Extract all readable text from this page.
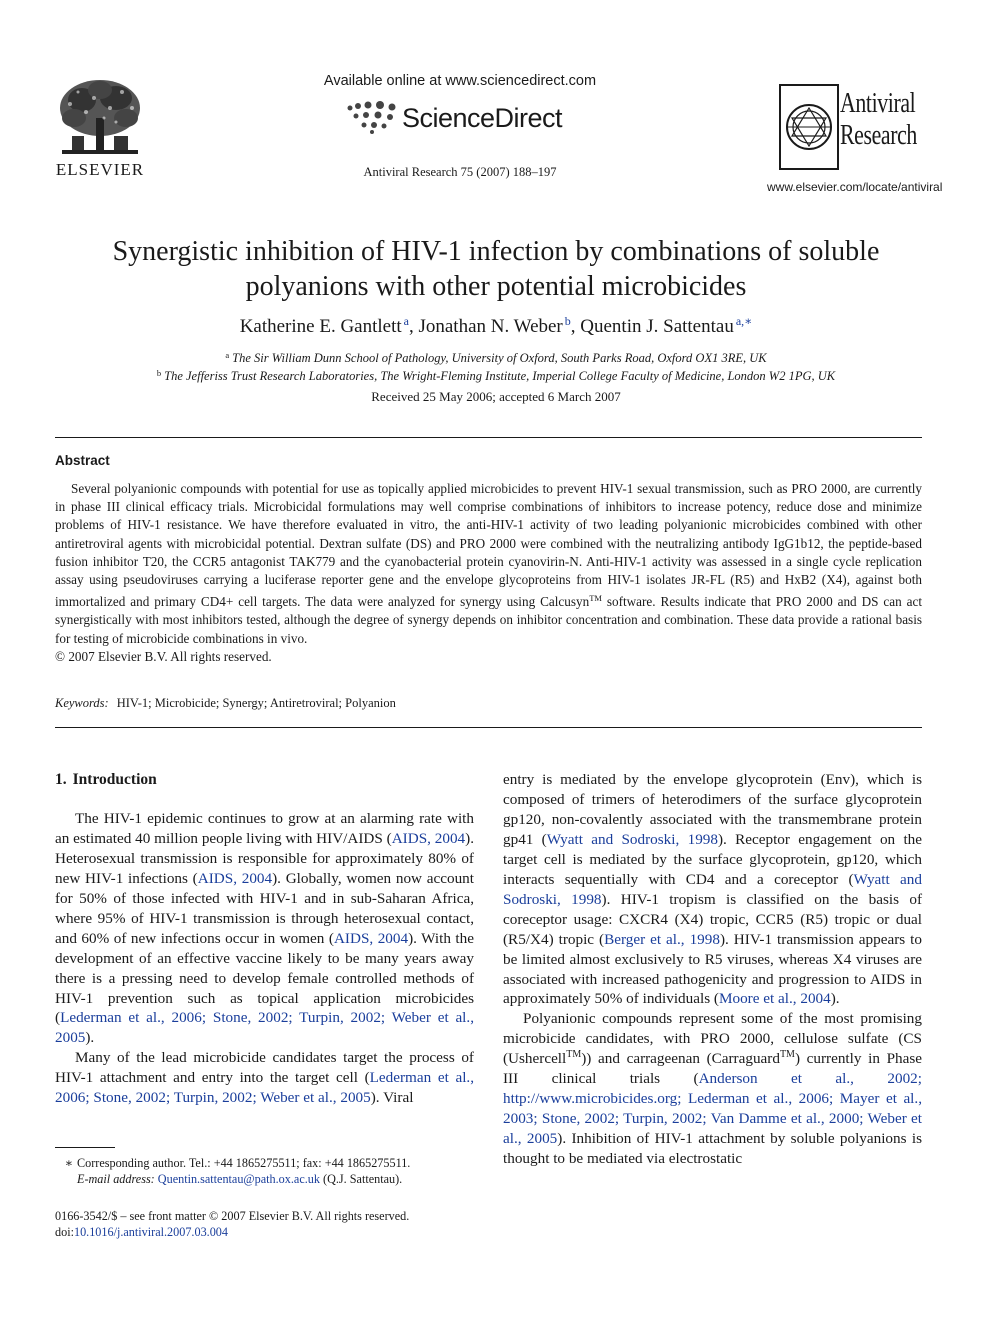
ELSEVIER
Available online at www.sciencedirect.com
ScienceDirect
Antiviral Research 75 (2007) 188–197
Antiviral
Research
www.elsevier.com/locate/antiviral
Synergistic inhibition of HIV-1 infection by combinations of soluble
polyanions with other potential microbicides
Katherine E. Gantlett $^a$, Jonathan N. Weber $^b$, Quentin J. Sattentau $^{a,∗}$
$^a$ The Sir William Dunn School of Pathology, University of Oxford, South Parks Road, Oxford OX1 3RE, UK
$^b$ The Jefferiss Trust Research Laboratories, The Wright-Fleming Institute, Imperial College Faculty of Medicine, London W2 1PG, UK
Received 25 May 2006; accepted 6 March 2007
Abstract

Several polyanionic compounds with potential for use as topically applied microbicides to prevent HIV-1 sexual transmission, such as PRO 2000, are currently in phase III clinical efficacy trials. Microbicidal formulations may well comprise combinations of inhibitors to increase potency, reduce dose and minimize problems of HIV-1 resistance. We have therefore evaluated in vitro, the anti-HIV-1 activity of two leading polyanionic microbicides combined with other antiretroviral agents with microbicidal potential. Dextran sulfate (DS) and PRO 2000 were combined with the neutralizing antibody IgG1b12, the peptide-based fusion inhibitor T20, the CCR5 antagonist TAK779 and the cyanobacterial protein cyanovirin-N. Anti-HIV-1 activity was assessed in a single cycle replication assay using pseudoviruses carrying a luciferase reporter gene and the envelope glycoproteins from HIV-1 isolates JR-FL (R5) and HxB2 (X4), against both immortalized and primary CD4+ cell targets. The data were analyzed for synergy using Calcusyn™ software. Results indicate that PRO 2000 and DS can act synergistically with most inhibitors tested, although the degree of synergy depends on inhibitor concentration and combination. These data provide a rational basis for testing of microbicide combinations in vivo.

© 2007 Elsevier B.V. All rights reserved.

Keywords: HIV-1; Microbicide; Synergy; Antiretroviral; Polyanion
1. Introduction

The HIV-1 epidemic continues to grow at an alarming rate with an estimated 40 million people living with HIV/AIDS (AIDS, 2004). Heterosexual transmission is responsible for approximately 80% of new HIV-1 infections (AIDS, 2004). Globally, women now account for 50% of those infected with HIV-1 and in sub-Saharan Africa, where 95% of HIV-1 transmission is through heterosexual contact, and 60% of new infections occur in women (AIDS, 2004). With the development of an effective vaccine likely to be many years away there is a pressing need to develop female controlled methods of HIV-1 prevention such as topical application microbicides (Lederman et al., 2006; Stone, 2002; Turpin, 2002; Weber et al., 2005).

Many of the lead microbicide candidates target the process of HIV-1 attachment and entry into the target cell (Lederman et al., 2006; Stone, 2002; Turpin, 2002; Weber et al., 2005). Viral

entry is mediated by the envelope glycoprotein (Env), which is composed of trimers of heterodimers of the surface glycoprotein gp120, non-covalently associated with the transmembrane protein gp41 (Wyatt and Sodroski, 1998). Receptor engagement on the target cell is mediated by the surface glycoprotein, gp120, which interacts sequentially with CD4 and a coreceptor (Wyatt and Sodroski, 1998). HIV-1 tropism is classified on the basis of coreceptor usage: CXCR4 (X4) tropic, CCR5 (R5) tropic or dual (R5/X4) tropic (Berger et al., 1998). HIV-1 transmission appears to be limited almost exclusively to R5 viruses, whereas X4 viruses are associated with increased pathogenicity and progression to AIDS in approximately 50% of individuals (Moore et al., 2004).

Polyanionic compounds represent some of the most promising microbicide candidates, with PRO 2000, cellulose sulfate (CS (Ushercell™)) and carrageenan (Carraguard™) currently in Phase III clinical trials (Anderson et al., 2002; http://www.microbicides.org; Lederman et al., 2006; Mayer et al., 2003; Stone, 2002; Turpin, 2002; Van Damme et al., 2000; Weber et al., 2005). Inhibition of HIV-1 attachment by soluble polyanions is thought to be mediated via electrostatic

∗ Corresponding author. Tel.: +44 1865275511; fax: +44 1865275511.
E-mail address: Quentin.sattentau@path.ox.ac.uk (Q.J. Sattentau).
0166-3542/$ – see front matter © 2007 Elsevier B.V. All rights reserved.
doi:10.1016/j.antiviral.2007.03.004
